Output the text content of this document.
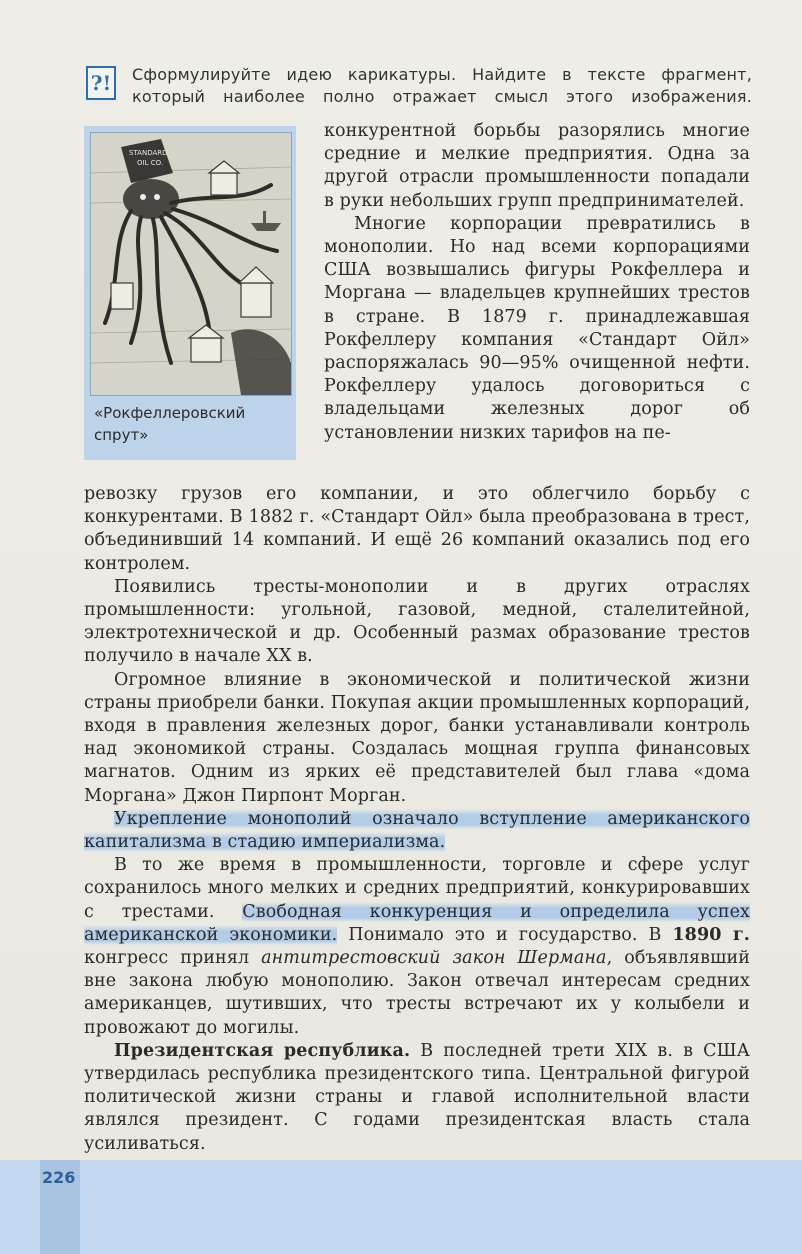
?! Сформулируйте идею карикатуры. Найдите в тексте фрагмент,
который наиболее полно отражает смысл этого изображения.
STANDARD
OIL CO.
«Рокфеллеровский спрут»

конкурентной борьбы разорялись многие средние и мелкие предприятия. Одна за другой отрасли промышленности попадали в руки небольших групп предпринимателей.

Многие корпорации превратились в монополии. Но над всеми корпорациями США возвышались фигуры Рокфеллера и Моргана — владельцев крупнейших трестов в стране. В 1879 г. принадлежавшая Рокфеллеру компания «Стандарт Ойл» распоряжалась 90—95% очищенной нефти. Рокфеллеру удалось договориться с владельцами железных дорог об установлении низких тарифов на пе-

ревозку грузов его компании, и это облегчило борьбу с конкурентами. В 1882 г. «Стандарт Ойл» была преобразована в трест, объединивший 14 компаний. И ещё 26 компаний оказались под его контролем.

Появились тресты-монополии и в других отраслях промышленности: угольной, газовой, медной, сталелитейной, электротехнической и др. Особенный размах образование трестов получило в начале XX в.

Огромное влияние в экономической и политической жизни страны приобрели банки. Покупая акции промышленных корпораций, входя в правления железных дорог, банки устанавливали контроль над экономикой страны. Создалась мощная группа финансовых магнатов. Одним из ярких её представителей был глава «дома Моргана» Джон Пирпонт Морган.

Укрепление монополий означало вступление американского капитализма в стадию империализма.

В то же время в промышленности, торговле и сфере услуг сохранилось много мелких и средних предприятий, конкурировавших с трестами. Свободная конкуренция и определила успех американской экономики. Понимало это и государство. В 1890 г. конгресс принял антитрестовский закон Шермана, объявлявший вне закона любую монополию. Закон отвечал интересам средних американцев, шутивших, что тресты встречают их у колыбели и провожают до могилы.

Президентская республика. В последней трети XIX в. в США утвердилась республика президентского типа. Центральной фигурой политической жизни страны и главой исполнительной власти являлся президент. С годами президентская власть стала усиливаться.

226
